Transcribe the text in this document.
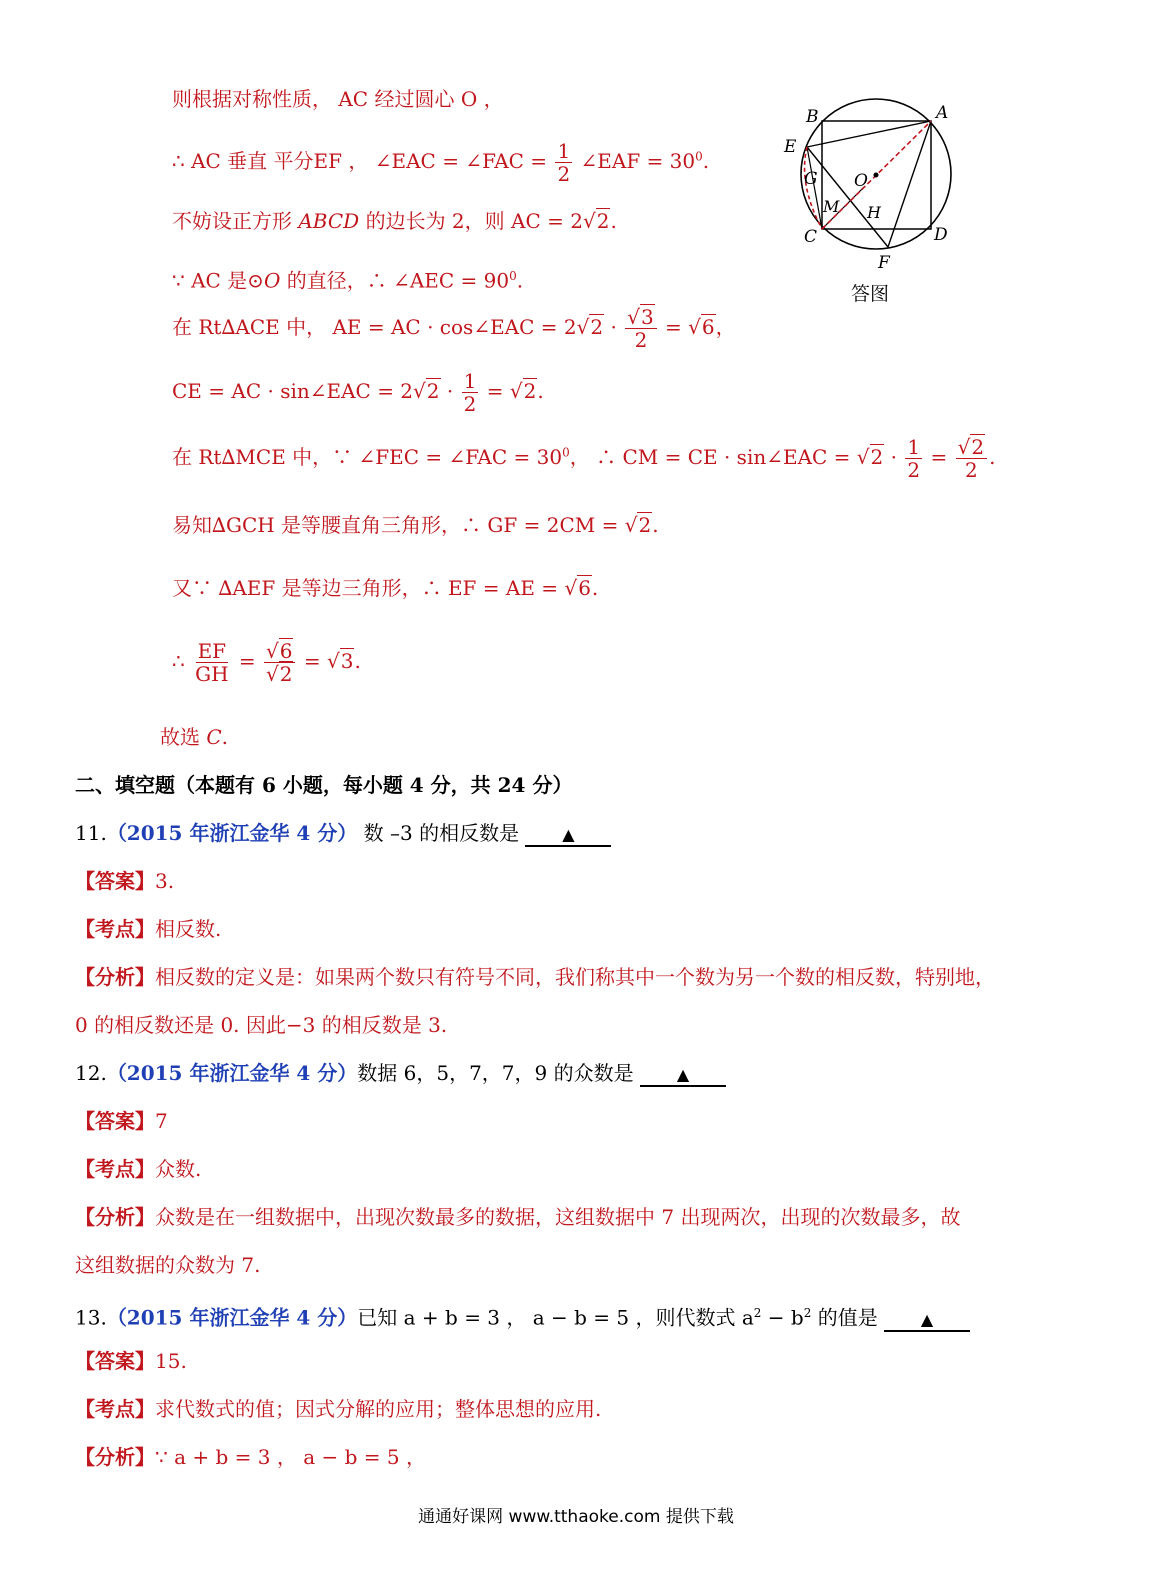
则根据对称性质， AC 经过圆心 O ，
∴ AC 垂直 平分EF ， ∠EAC = ∠FAC = $\frac{1}{2}$ ∠EAF = $30^0$.
不妨设正方形 ABCD 的边长为 2，则 AC = 2√2.
∵ AC 是⊙O 的直径，∴ ∠AEC = $90^0$.
在 Rt∆ACE 中， AE = AC · cos∠EAC = $2√2 \cdot \frac{√3}{2} = √6$，
CE = AC · sin∠EAC = $2√2 \cdot \frac{1}{2} = √2$.
在 Rt∆MCE 中，∵ ∠FEC = ∠FAC = $30^0$， ∴ CM = CE · sin∠EAC = $√2 \cdot \frac{1}{2} = \frac{√2}{2}$ .
易知∆GCH 是等腰直角三角形，∴ GF = 2CM = √2.
又∵ ∆AEF 是等边三角形，∴ EF = AE = √6.
∴ $\frac{EF}{GH} = \frac{√6}{√2} = √3$.
故选 C.
B	A
E
G O
M H
C	D
F
答图
二、填空题（本题有 6 小题，每小题 4 分，共 24 分）
11.（2015 年浙江金华 4 分） 数 –3 的相反数是	▲
【答案】3.
【考点】相反数.
【分析】相反数的定义是：如果两个数只有符号不同，我们称其中一个数为另一个数的相反数，特别地，
0 的相反数还是 0. 因此−3 的相反数是 3.
12.（2015 年浙江金华 4 分）数据 6，5，7，7，9 的众数是	▲
【答案】7
【考点】众数.
【分析】众数是在一组数据中，出现次数最多的数据，这组数据中 7 出现两次，出现的次数最多，故
这组数据的众数为 7.
13.（2015 年浙江金华 4 分）已知 a + b = 3 ， a − b = 5 ，则代数式 $a^2 - b^2$ 的值是	▲
【答案】15.
【考点】求代数式的值；因式分解的应用；整体思想的应用.
【分析】∵ a + b = 3 ， a − b = 5 ，
通通好课网 www.tthaoke.com 提供下载
